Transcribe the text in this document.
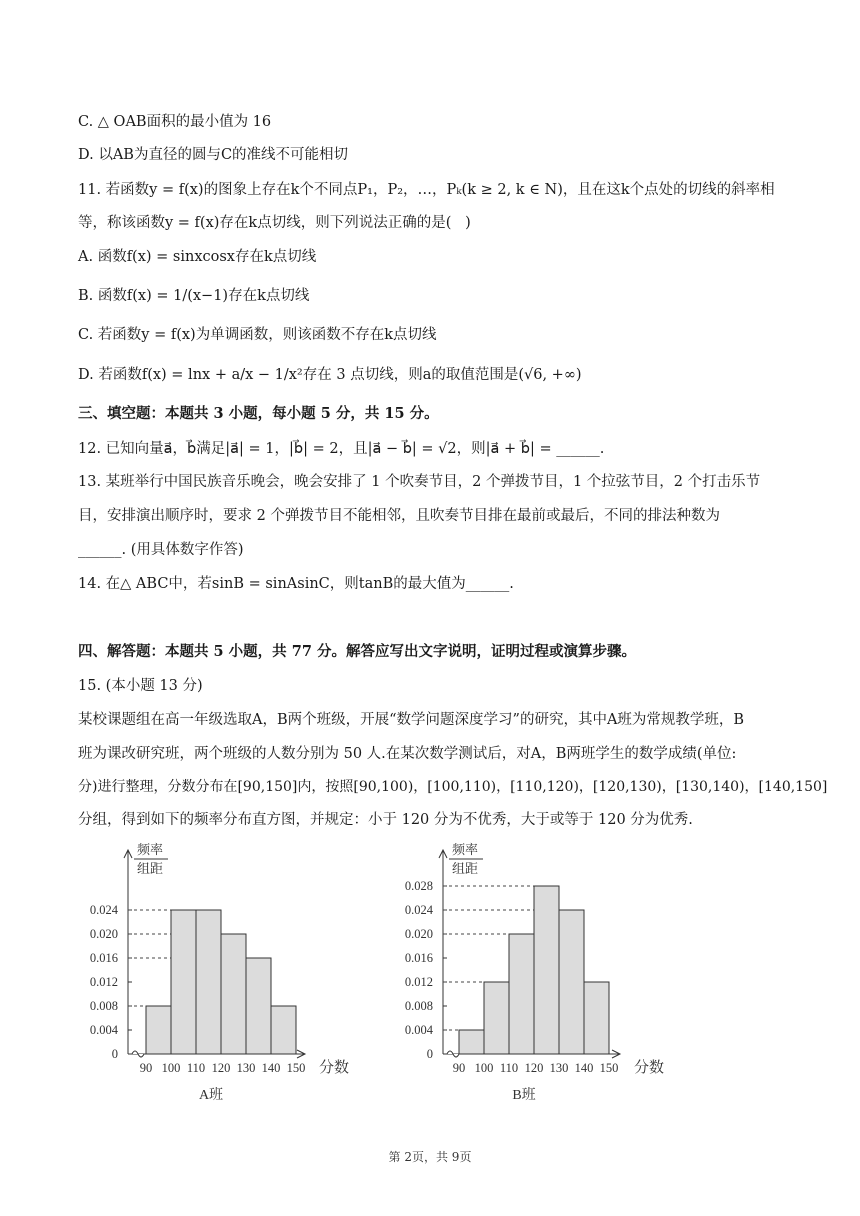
C. △ OAB面积的最小值为 16
D. 以AB为直径的圆与C的准线不可能相切
11. 若函数y = f(x)的图象上存在k个不同点P₁，P₂，…，Pₖ(k ≥ 2, k ∈ N)，且在这k个点处的切线的斜率相
等，称该函数y = f(x)存在k点切线，则下列说法正确的是(   )
A. 函数f(x) = sinxcosx存在k点切线
B. 函数f(x) = 1/(x−1)存在k点切线
C. 若函数y = f(x)为单调函数，则该函数不存在k点切线
D. 若函数f(x) = lnx + a/x − 1/x²存在 3 点切线，则a的取值范围是(√6, +∞)
三、填空题：本题共 3 小题，每小题 5 分，共 15 分。
12. 已知向量a⃗，b⃗满足|a⃗| = 1，|b⃗| = 2，且|a⃗ − b⃗| = √2，则|a⃗ + b⃗| = ______.
13. 某班举行中国民族音乐晚会，晚会安排了 1 个吹奏节目，2 个弹拨节目，1 个拉弦节目，2 个打击乐节
目，安排演出顺序时，要求 2 个弹拨节目不能相邻，且吹奏节目排在最前或最后，不同的排法种数为
______. (用具体数字作答)
14. 在△ ABC中，若sinB = sinAsinC，则tanB的最大值为______.
四、解答题：本题共 5 小题，共 77 分。解答应写出文字说明，证明过程或演算步骤。
15. (本小题 13 分)
某校课题组在高一年级选取A，B两个班级，开展“数学问题深度学习”的研究，其中A班为常规教学班，B
班为课改研究班，两个班级的人数分别为 50 人.在某次数学测试后，对A，B两班学生的数学成绩(单位:
分)进行整理，分数分布在[90,150]内，按照[90,100)，[100,110)，[110,120)，[120,130)，[130,140)，[140,150]
分组，得到如下的频率分布直方图，并规定：小于 120 分为不优秀，大于或等于 120 分为优秀.
频率
组距
0
0.004
0.008
0.012
0.016
0.020
0.024
90 100 110 120 130 140 150 分数
A班
频率
组距
0
0.004
0.008
0.012
0.016
0.020
0.024
0.028
90 100 110 120 130 140 150 分数
B班
第 2页，共 9页
